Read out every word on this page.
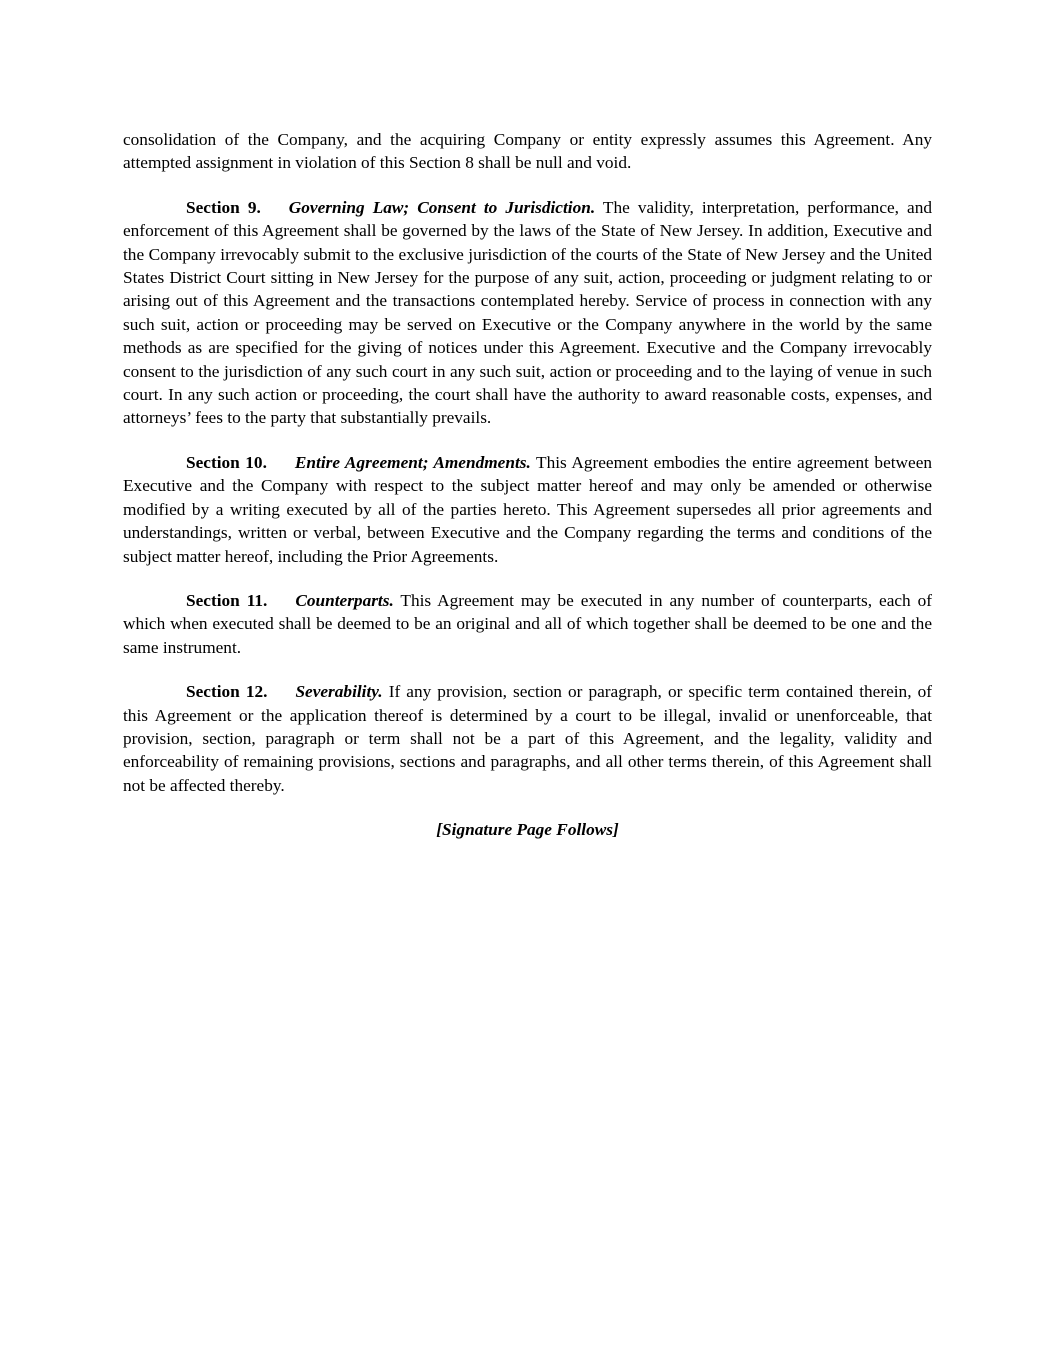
consolidation of the Company, and the acquiring Company or entity expressly assumes this Agreement. Any attempted assignment in violation of this Section 8 shall be null and void.

Section 9. Governing Law; Consent to Jurisdiction. The validity, interpretation, performance, and enforcement of this Agreement shall be governed by the laws of the State of New Jersey. In addition, Executive and the Company irrevocably submit to the exclusive jurisdiction of the courts of the State of New Jersey and the United States District Court sitting in New Jersey for the purpose of any suit, action, proceeding or judgment relating to or arising out of this Agreement and the transactions contemplated hereby. Service of process in connection with any such suit, action or proceeding may be served on Executive or the Company anywhere in the world by the same methods as are specified for the giving of notices under this Agreement. Executive and the Company irrevocably consent to the jurisdiction of any such court in any such suit, action or proceeding and to the laying of venue in such court. In any such action or proceeding, the court shall have the authority to award reasonable costs, expenses, and attorneys’ fees to the party that substantially prevails.

Section 10. Entire Agreement; Amendments. This Agreement embodies the entire agreement between Executive and the Company with respect to the subject matter hereof and may only be amended or otherwise modified by a writing executed by all of the parties hereto. This Agreement supersedes all prior agreements and understandings, written or verbal, between Executive and the Company regarding the terms and conditions of the subject matter hereof, including the Prior Agreements.

Section 11. Counterparts. This Agreement may be executed in any number of counterparts, each of which when executed shall be deemed to be an original and all of which together shall be deemed to be one and the same instrument.

Section 12. Severability. If any provision, section or paragraph, or specific term contained therein, of this Agreement or the application thereof is determined by a court to be illegal, invalid or unenforceable, that provision, section, paragraph or term shall not be a part of this Agreement, and the legality, validity and enforceability of remaining provisions, sections and paragraphs, and all other terms therein, of this Agreement shall not be affected thereby.

[Signature Page Follows]
